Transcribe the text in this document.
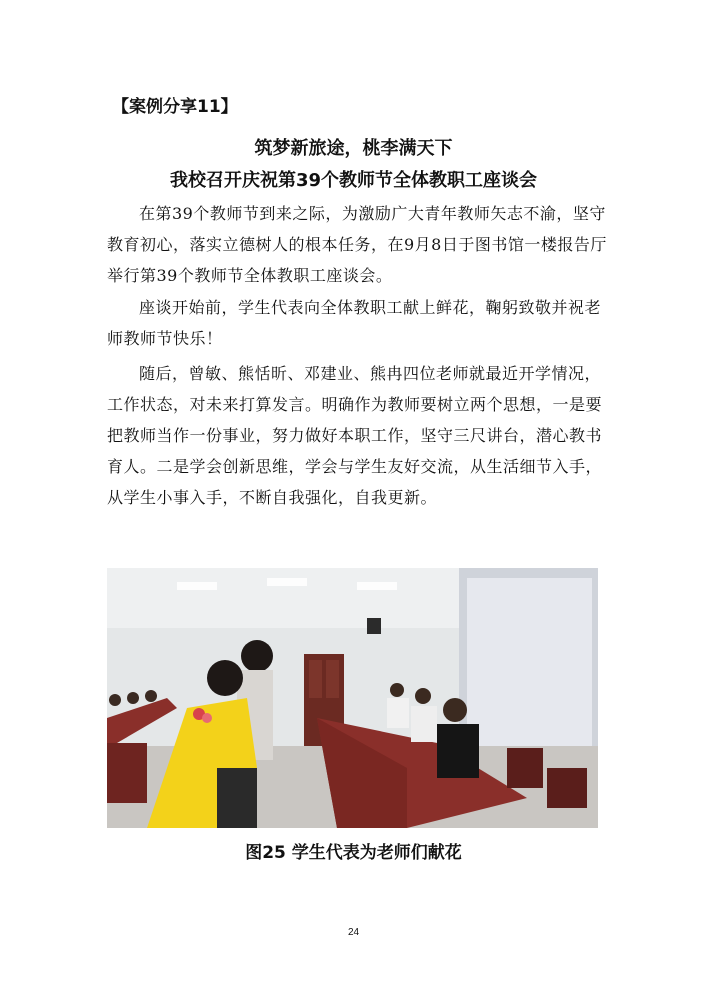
【案例分享11】
筑梦新旅途，桃李满天下
我校召开庆祝第39个教师节全体教职工座谈会

在第39个教师节到来之际，为激励广大青年教师矢志不渝，坚守教育初心，落实立德树人的根本任务，在9月8日于图书馆一楼报告厅举行第39个教师节全体教职工座谈会。

座谈开始前，学生代表向全体教职工献上鲜花，鞠躬致敬并祝老师教师节快乐！

随后，曾敏、熊恬昕、邓建业、熊冉四位老师就最近开学情况，工作状态，对未来打算发言。明确作为教师要树立两个思想，一是要把教师当作一份事业，努力做好本职工作，坚守三尺讲台，潜心教书育人。二是学会创新思维，学会与学生友好交流，从生活细节入手，从学生小事入手，不断自我强化，自我更新。

图25 学生代表为老师们献花
24
